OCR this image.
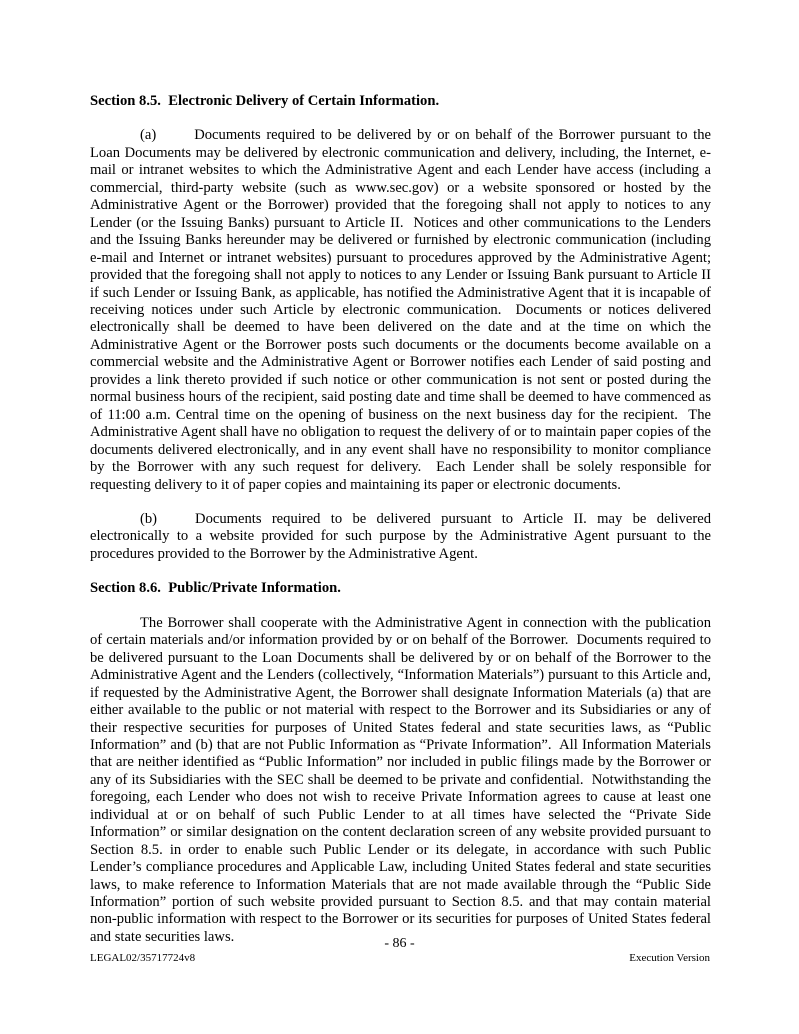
Section 8.5.  Electronic Delivery of Certain Information.

(a)	Documents required to be delivered by or on behalf of the Borrower pursuant to the Loan Documents may be delivered by electronic communication and delivery, including, the Internet, e-mail or intranet websites to which the Administrative Agent and each Lender have access (including a commercial, third-party website (such as www.sec.gov) or a website sponsored or hosted by the Administrative Agent or the Borrower) provided that the foregoing shall not apply to notices to any Lender (or the Issuing Banks) pursuant to Article II.  Notices and other communications to the Lenders and the Issuing Banks hereunder may be delivered or furnished by electronic communication (including e-mail and Internet or intranet websites) pursuant to procedures approved by the Administrative Agent; provided that the foregoing shall not apply to notices to any Lender or Issuing Bank pursuant to Article II if such Lender or Issuing Bank, as applicable, has notified the Administrative Agent that it is incapable of receiving notices under such Article by electronic communication.  Documents or notices delivered electronically shall be deemed to have been delivered on the date and at the time on which the Administrative Agent or the Borrower posts such documents or the documents become available on a commercial website and the Administrative Agent or Borrower notifies each Lender of said posting and provides a link thereto provided if such notice or other communication is not sent or posted during the normal business hours of the recipient, said posting date and time shall be deemed to have commenced as of 11:00 a.m. Central time on the opening of business on the next business day for the recipient.  The Administrative Agent shall have no obligation to request the delivery of or to maintain paper copies of the documents delivered electronically, and in any event shall have no responsibility to monitor compliance by the Borrower with any such request for delivery.  Each Lender shall be solely responsible for requesting delivery to it of paper copies and maintaining its paper or electronic documents.

(b)	Documents required to be delivered pursuant to Article II. may be delivered electronically to a website provided for such purpose by the Administrative Agent pursuant to the procedures provided to the Borrower by the Administrative Agent.

Section 8.6.  Public/Private Information.

The Borrower shall cooperate with the Administrative Agent in connection with the publication of certain materials and/or information provided by or on behalf of the Borrower.  Documents required to be delivered pursuant to the Loan Documents shall be delivered by or on behalf of the Borrower to the Administrative Agent and the Lenders (collectively, “Information Materials”) pursuant to this Article and, if requested by the Administrative Agent, the Borrower shall designate Information Materials (a) that are either available to the public or not material with respect to the Borrower and its Subsidiaries or any of their respective securities for purposes of United States federal and state securities laws, as “Public Information” and (b) that are not Public Information as “Private Information”.  All Information Materials that are neither identified as “Public Information” nor included in public filings made by the Borrower or any of its Subsidiaries with the SEC shall be deemed to be private and confidential.  Notwithstanding the foregoing, each Lender who does not wish to receive Private Information agrees to cause at least one individual at or on behalf of such Public Lender to at all times have selected the “Private Side Information” or similar designation on the content declaration screen of any website provided pursuant to Section 8.5. in order to enable such Public Lender or its delegate, in accordance with such Public Lender’s compliance procedures and Applicable Law, including United States federal and state securities laws, to make reference to Information Materials that are not made available through the “Public Side Information” portion of such website provided pursuant to Section 8.5. and that may contain material non-public information with respect to the Borrower or its securities for purposes of United States federal and state securities laws.	- 86 -
LEGAL02/35717724v8	Execution Version
